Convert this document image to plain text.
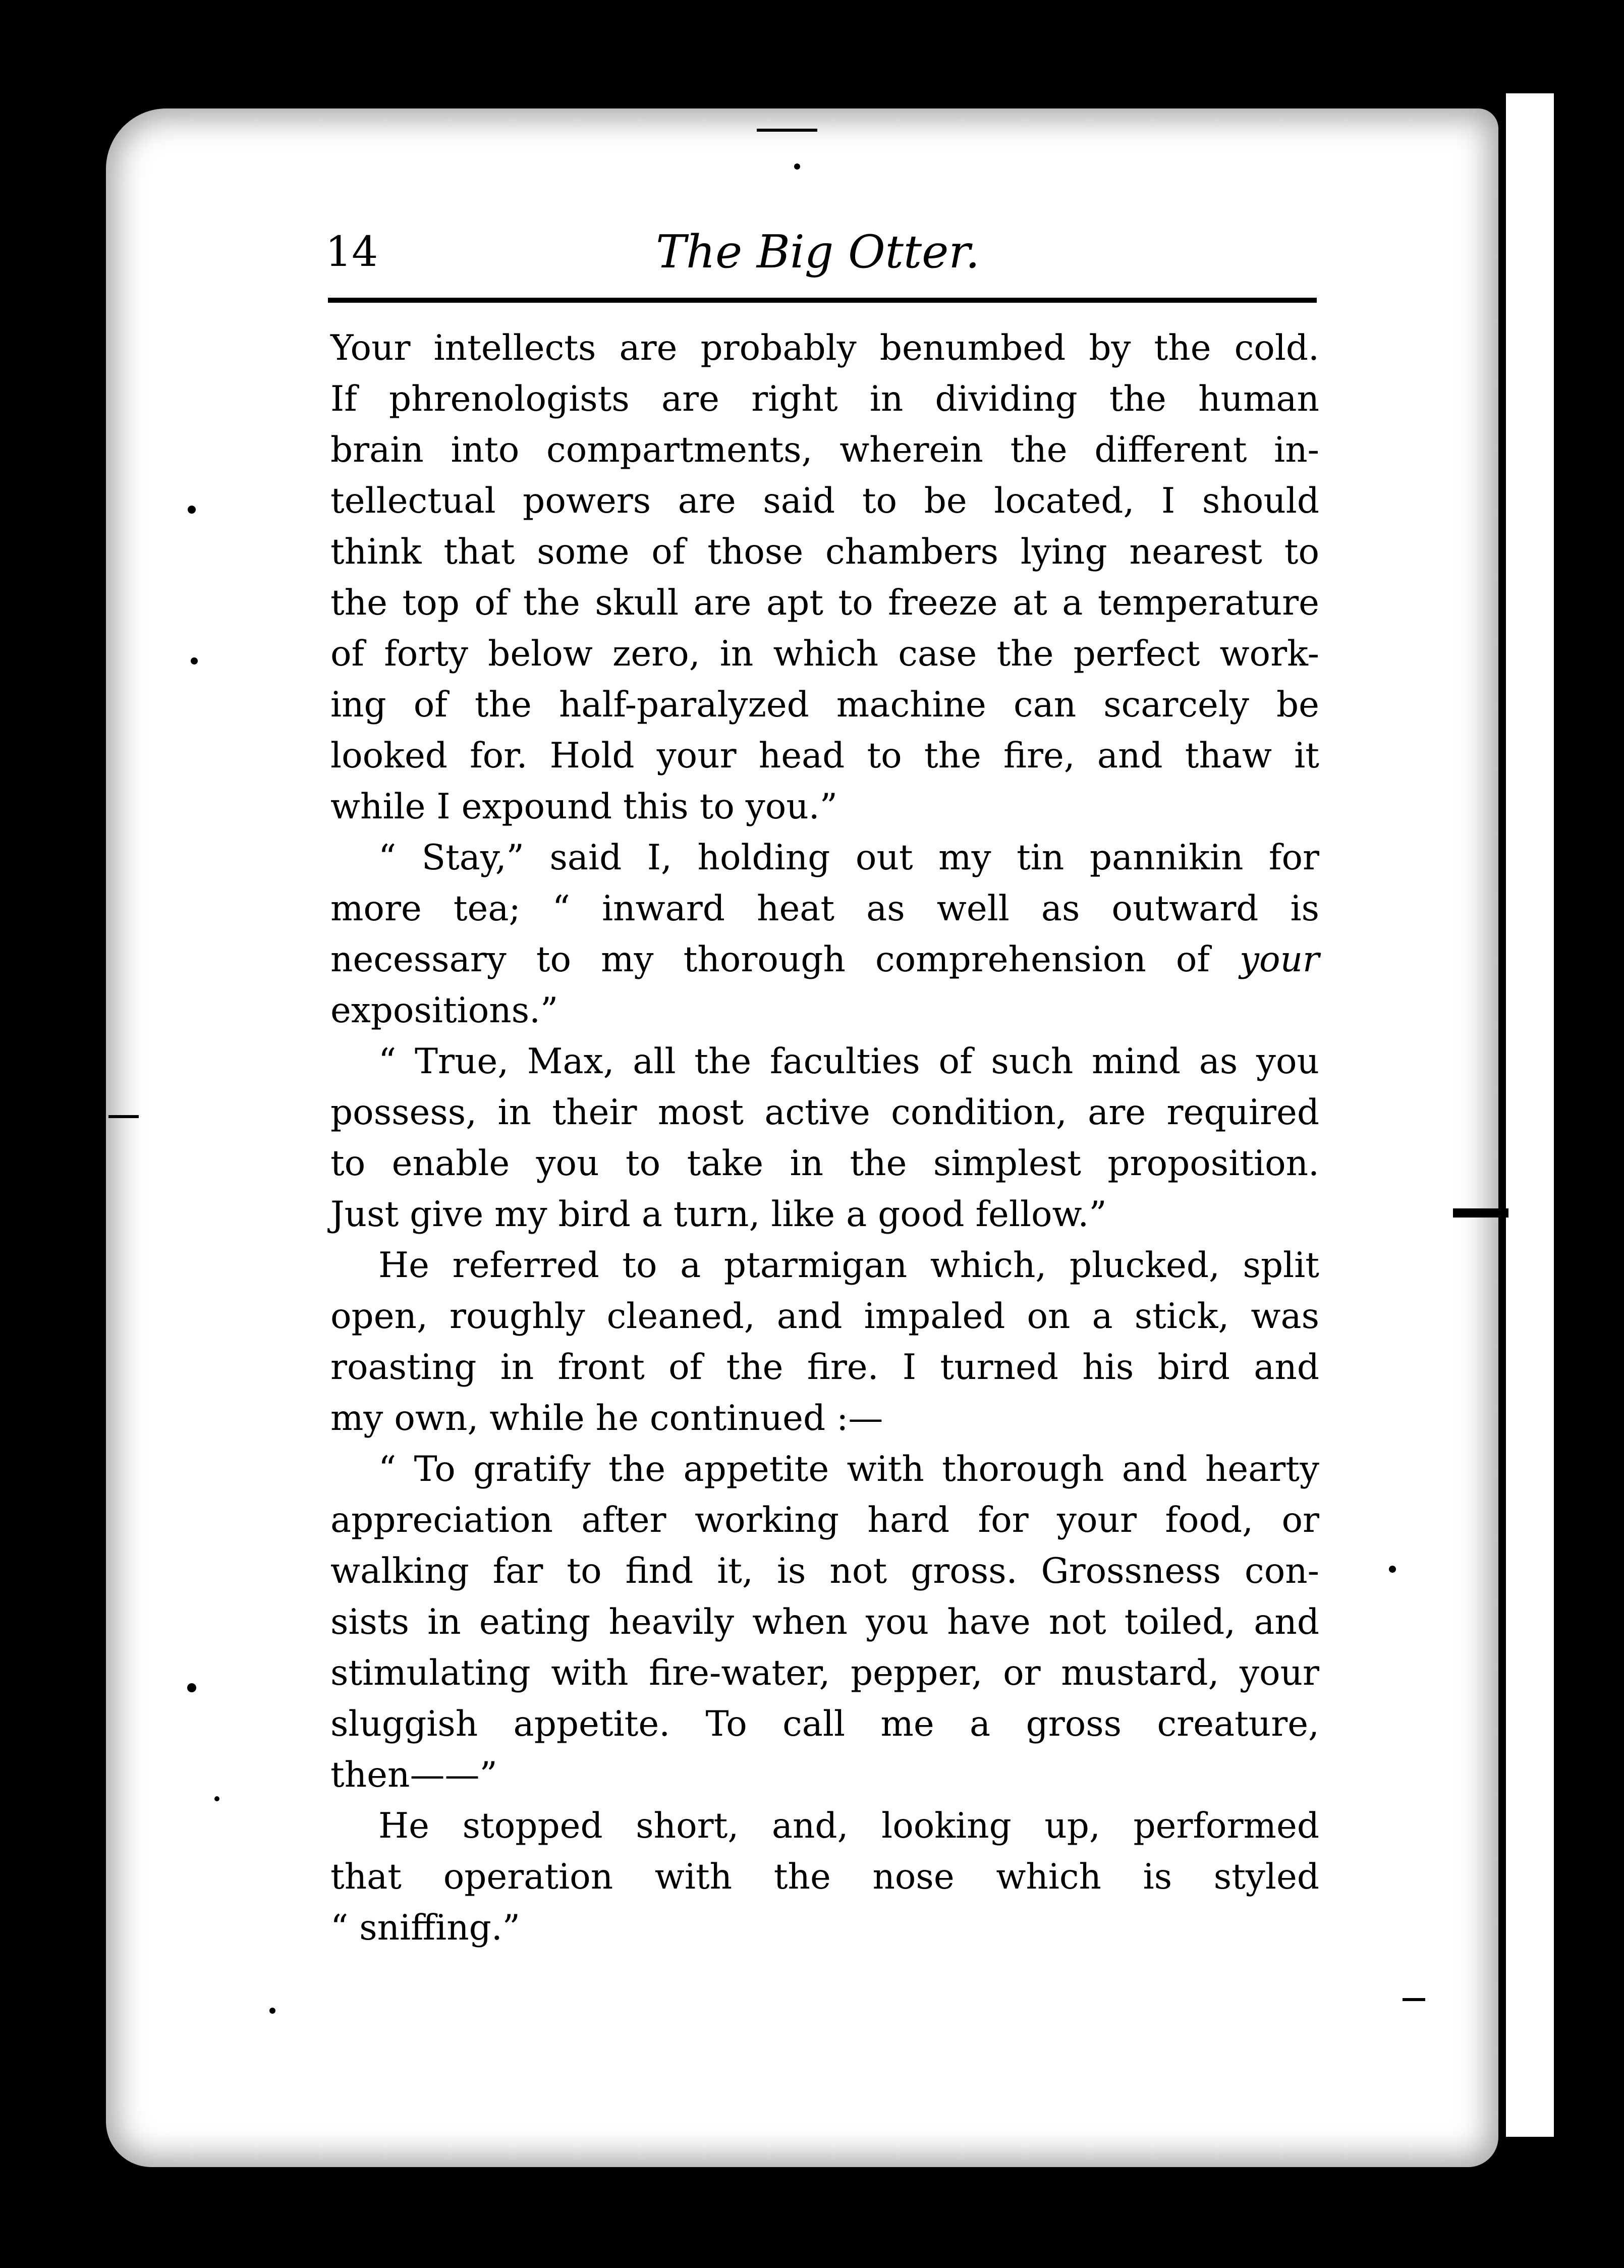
14	The Big Otter.
Your intellects are probably benumbed by the cold.
If phrenologists are right in dividing the human
brain into compartments, wherein the different in-
tellectual powers are said to be located, I should
think that some of those chambers lying nearest to
the top of the skull are apt to freeze at a temperature
of forty below zero, in which case the perfect work-
ing of the half-paralyzed machine can scarcely be
looked for. Hold your head to the fire, and thaw it
while I expound this to you.”
“ Stay,” said I, holding out my tin pannikin for
more tea; “ inward heat as well as outward is
necessary to my thorough comprehension of your
expositions.”
“ True, Max, all the faculties of such mind as you
possess, in their most active condition, are required
to enable you to take in the simplest proposition.
Just give my bird a turn, like a good fellow.”
He referred to a ptarmigan which, plucked, split
open, roughly cleaned, and impaled on a stick, was
roasting in front of the fire. I turned his bird and
my own, while he continued :—
“ To gratify the appetite with thorough and hearty
appreciation after working hard for your food, or
walking far to find it, is not gross. Grossness con-
sists in eating heavily when you have not toiled, and
stimulating with fire-water, pepper, or mustard, your
sluggish appetite. To call me a gross creature,
then——”
He stopped short, and, looking up, performed
that operation with the nose which is styled
“ sniffing.”
